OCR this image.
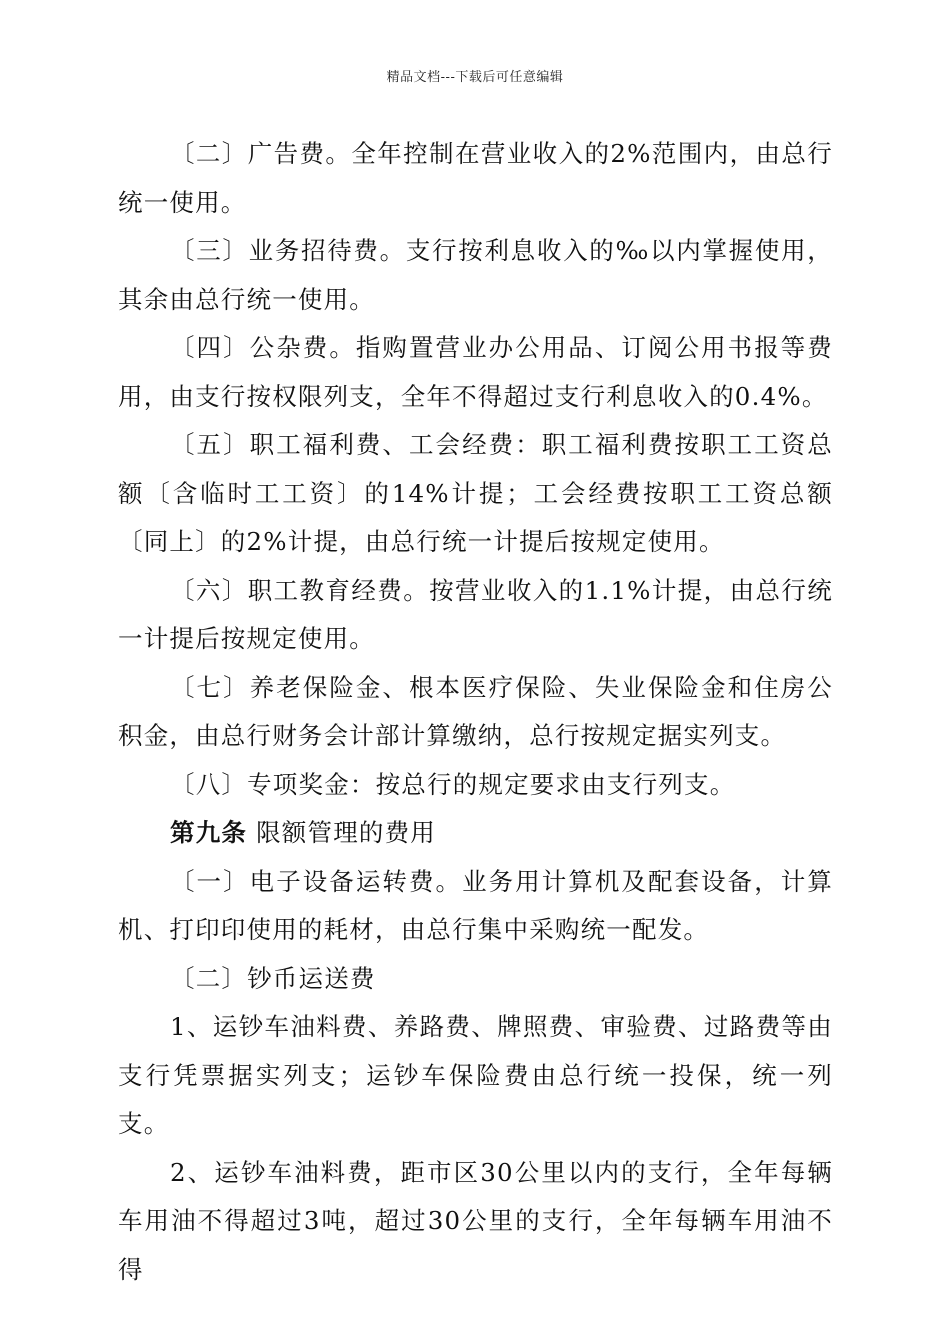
精品文档---下载后可任意编辑

〔二〕广告费。全年控制在营业收入的2%范围内，由总行统一使用。

〔三〕业务招待费。支行按利息收入的‰以内掌握使用，其余由总行统一使用。

〔四〕公杂费。指购置营业办公用品、订阅公用书报等费用，由支行按权限列支，全年不得超过支行利息收入的0.4%。

〔五〕职工福利费、工会经费：职工福利费按职工工资总额〔含临时工工资〕的14%计提；工会经费按职工工资总额〔同上〕的2%计提，由总行统一计提后按规定使用。

〔六〕职工教育经费。按营业收入的1.1%计提，由总行统一计提后按规定使用。

〔七〕养老保险金、根本医疗保险、失业保险金和住房公积金，由总行财务会计部计算缴纳，总行按规定据实列支。

〔八〕专项奖金：按总行的规定要求由支行列支。

第九条 限额管理的费用

〔一〕电子设备运转费。业务用计算机及配套设备，计算机、打印印使用的耗材，由总行集中采购统一配发。

〔二〕钞币运送费

1、运钞车油料费、养路费、牌照费、审验费、过路费等由支行凭票据实列支；运钞车保险费由总行统一投保，统一列支。

2、运钞车油料费，距市区30公里以内的支行，全年每辆车用油不得超过3吨，超过30公里的支行，全年每辆车用油不得
